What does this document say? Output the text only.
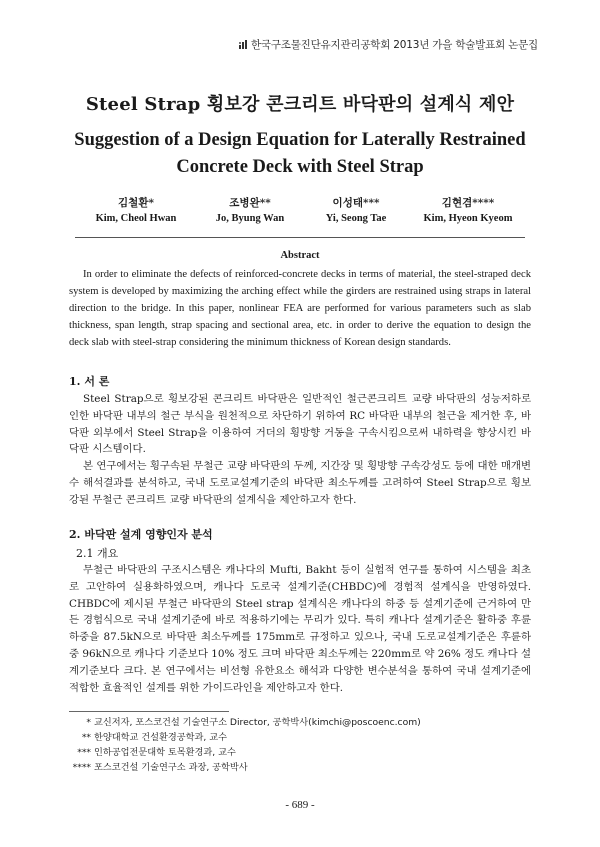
한국구조물진단유지관리공학회 2013년 가을 학술발표회 논문집
Steel Strap 횡보강 콘크리트 바닥판의 설계식 제안
Suggestion of a Design Equation for Laterally Restrained
Concrete Deck with Steel Strap
김철환*
Kim, Cheol Hwan
조병완**
Jo, Byung Wan
이성태***
Yi, Seong Tae
김현겸****
Kim, Hyeon Kyeom
Abstract
In order to eliminate the defects of reinforced-concrete decks in terms of material, the steel-straped deck system is developed by maximizing the arching effect while the girders are restrained using straps in lateral direction to the bridge. In this paper, nonlinear FEA are performed for various parameters such as slab thickness, span length, strap spacing and sectional area, etc. in order to derive the equation to design the deck slab with steel-strap considering the minimum thickness of Korean design standards.
1. 서 론
Steel Strap으로 횡보강된 콘크리트 바닥판은 일반적인 철근콘크리트 교량 바닥판의 성능저하로 인한 바닥판 내부의 철근 부식을 원천적으로 차단하기 위하여 RC 바닥판 내부의 철근을 제거한 후, 바닥판 외부에서 Steel Strap을 이용하여 거더의 횡방향 거동을 구속시킴으로써 내하력을 향상시킨 바닥판 시스템이다.
본 연구에서는 횡구속된 무철근 교량 바닥판의 두께, 지간장 및 횡방향 구속강성도 등에 대한 매개변수 해석결과를 분석하고, 국내 도로교설계기준의 바닥판 최소두께를 고려하여 Steel Strap으로 횡보강된 무철근 콘크리트 교량 바닥판의 설계식을 제안하고자 한다.
2. 바닥판 설계 영향인자 분석
2.1 개요
무철근 바닥판의 구조시스템은 캐나다의 Mufti, Bakht 등이 실험적 연구를 통하여 시스템을 최초로 고안하여 실용화하였으며, 캐나다 도로국 설계기준(CHBDC)에 경험적 설계식을 반영하였다. CHBDC에 제시된 무철근 바닥판의 Steel strap 설계식은 캐나다의 하중 등 설계기준에 근거하여 만든 경험식으로 국내 설계기준에 바로 적용하기에는 무리가 있다. 특히 캐나다 설계기준은 활하중 후륜하중을 87.5kN으로 바닥판 최소두께를 175mm로 규정하고 있으나, 국내 도로교설계기준은 후륜하중 96kN으로 캐나다 기준보다 10% 정도 크며 바닥판 최소두께는 220mm로 약 26% 정도 캐나다 설계기준보다 크다. 본 연구에서는 비선형 유한요소 해석과 다양한 변수분석을 통하여 국내 설계기준에 적합한 효율적인 설계를 위한 가이드라인을 제안하고자 한다.
* 교신저자, 포스코건설 기술연구소 Director, 공학박사(kimchi@poscoenc.com)
** 한양대학교 건설환경공학과, 교수
*** 인하공업전문대학 토목환경과, 교수
**** 포스코건설 기술연구소 과장, 공학박사
- 689 -
